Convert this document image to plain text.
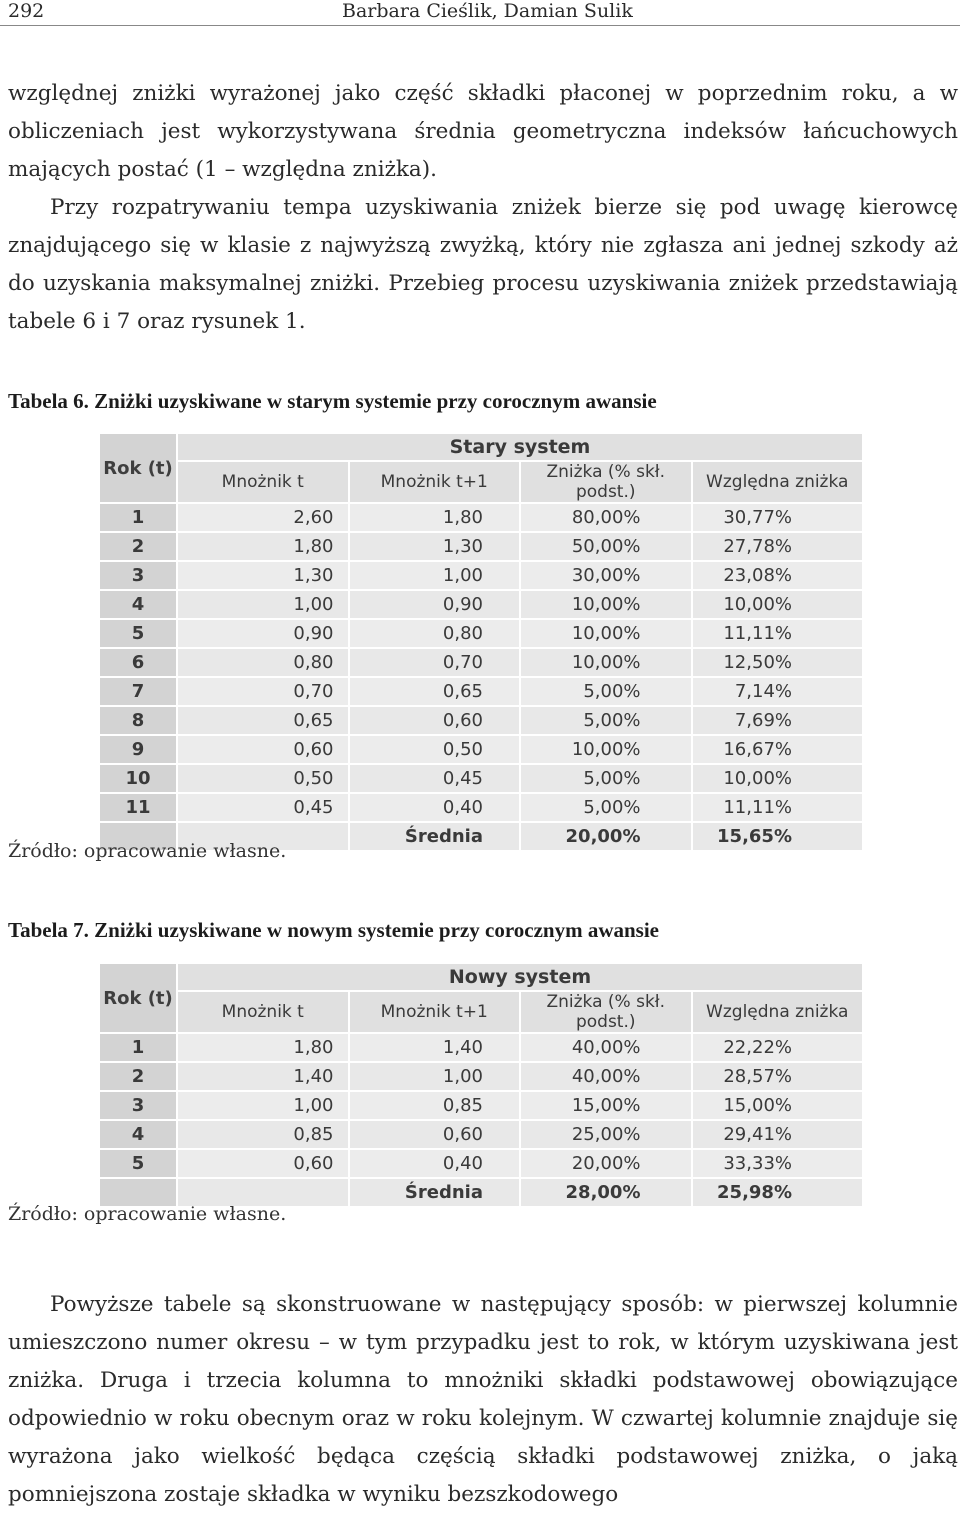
292	Barbara Cieślik, Damian Sulik

względnej zniżki wyrażonej jako część składki płaconej w poprzednim roku, a w obliczeniach jest wykorzystywana średnia geometryczna indeksów łańcuchowych mających postać (1 – względna zniżka).

Przy rozpatrywaniu tempa uzyskiwania zniżek bierze się pod uwagę kierowcę znajdującego się w klasie z najwyższą zwyżką, który nie zgłasza ani jednej szkody aż do uzyskania maksymalnej zniżki. Przebieg procesu uzyskiwania zniżek przedstawiają tabele 6 i 7 oraz rysunek 1.

Tabela 6. Zniżki uzyskiwane w starym systemie przy corocznym awansie
Rok (t)	Stary system			
	Mnożnik t	Mnożnik t+1	Zniżka (% skł. podst.)	Względna zniżka
1	2,60	1,80	80,00%	30,77%
2	1,80	1,30	50,00%	27,78%
3	1,30	1,00	30,00%	23,08%
4	1,00	0,90	10,00%	10,00%
5	0,90	0,80	10,00%	11,11%
6	0,80	0,70	10,00%	12,50%
7	0,70	0,65	5,00%	7,14%
8	0,65	0,60	5,00%	7,69%
9	0,60	0,50	10,00%	16,67%
10	0,50	0,45	5,00%	10,00%
11	0,45	0,40	5,00%	11,11%
		Średnia	20,00%	15,65%
Źródło: opracowanie własne.
Tabela 7. Zniżki uzyskiwane w nowym systemie przy corocznym awansie
Rok (t)	Nowy system			
	Mnożnik t	Mnożnik t+1	Zniżka (% skł. podst.)	Względna zniżka
1	1,80	1,40	40,00%	22,22%
2	1,40	1,00	40,00%	28,57%
3	1,00	0,85	15,00%	15,00%
4	0,85	0,60	25,00%	29,41%
5	0,60	0,40	20,00%	33,33%
		Średnia	28,00%	25,98%
Źródło: opracowanie własne.

Powyższe tabele są skonstruowane w następujący sposób: w pierwszej kolumnie umieszczono numer okresu – w tym przypadku jest to rok, w którym uzyskiwana jest zniżka. Druga i trzecia kolumna to mnożniki składki podstawowej obowiązujące odpowiednio w roku obecnym oraz w roku kolejnym. W czwartej kolumnie znajduje się wyrażona jako wielkość będąca częścią składki podstawowej zniżka, o jaką pomniejszona zostaje składka w wyniku bezszkodowego
